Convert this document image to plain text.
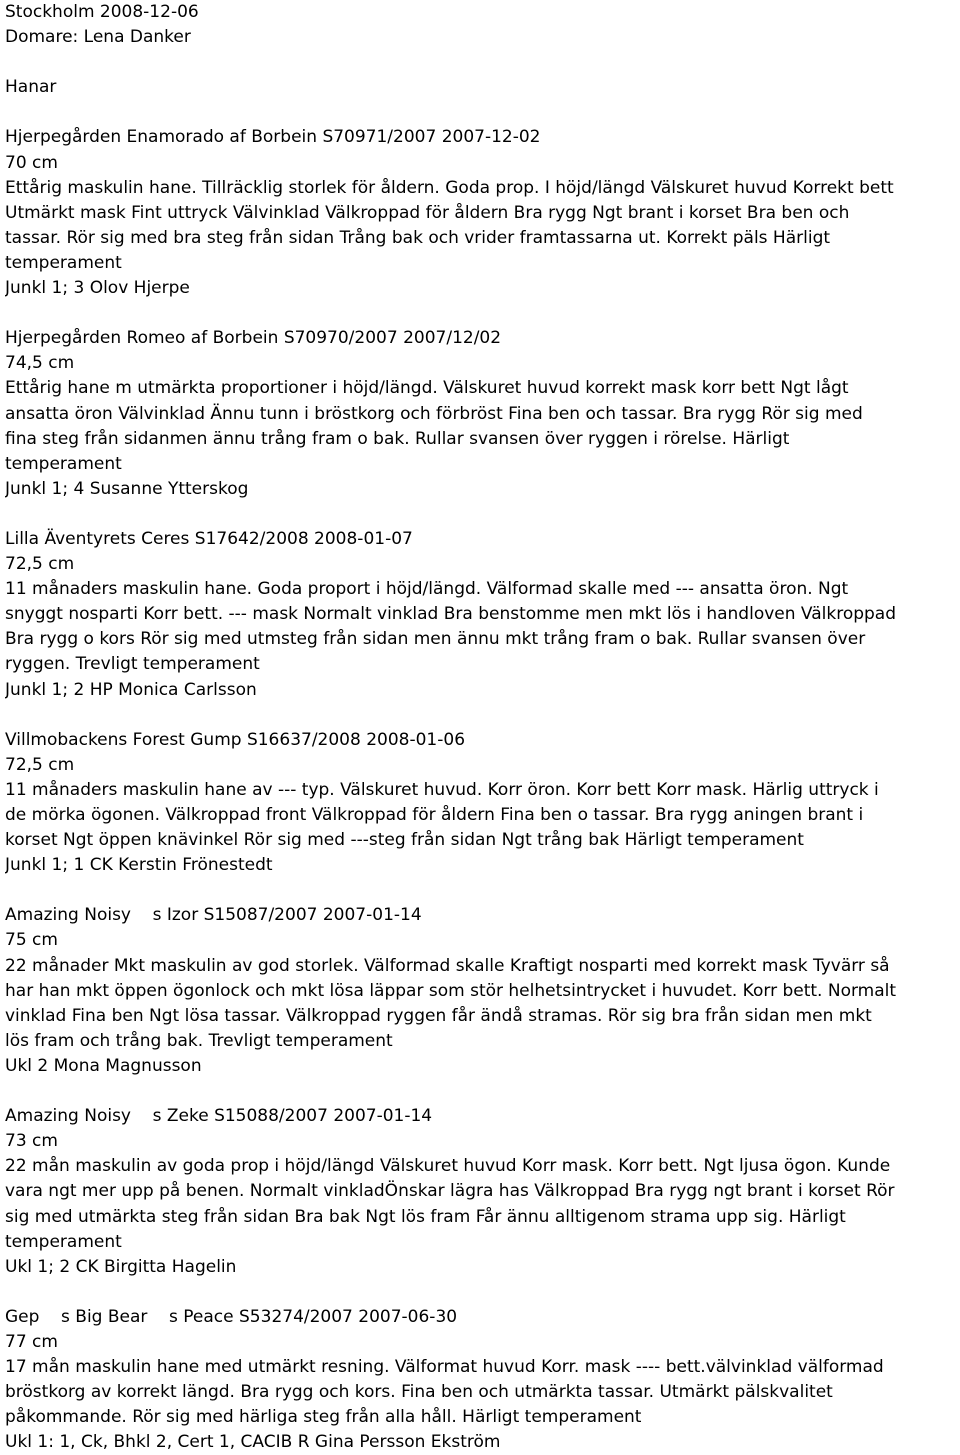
Stockholm 2008-12-06
Domare: Lena Danker
Hanar
Hjerpegården Enamorado af Borbein S70971/2007 2007-12-02
70 cm
Ettårig maskulin hane. Tillräcklig storlek för åldern. Goda prop. I höjd/längd Välskuret huvud Korrekt bett
Utmärkt mask Fint uttryck Välvinklad Välkroppad för åldern Bra rygg Ngt brant i korset Bra ben och
tassar. Rör sig med bra steg från sidan Trång bak och vrider framtassarna ut. Korrekt päls Härligt
temperament
Junkl 1; 3 Olov Hjerpe
Hjerpegården Romeo af Borbein S70970/2007 2007/12/02
74,5 cm
Ettårig hane m utmärkta proportioner i höjd/längd. Välskuret huvud korrekt mask korr bett Ngt lågt
ansatta öron Välvinklad Ännu tunn i bröstkorg och förbröst Fina ben och tassar. Bra rygg Rör sig med
fina steg från sidanmen ännu trång fram o bak. Rullar svansen över ryggen i rörelse. Härligt
temperament
Junkl 1; 4 Susanne Ytterskog
Lilla Äventyrets Ceres S17642/2008 2008-01-07
72,5 cm
11 månaders maskulin hane. Goda proport i höjd/längd. Välformad skalle med --- ansatta öron. Ngt
snyggt nosparti Korr bett. --- mask Normalt vinklad Bra benstomme men mkt lös i handloven Välkroppad
Bra rygg o kors Rör sig med utmsteg från sidan men ännu mkt trång fram o bak. Rullar svansen över
ryggen. Trevligt temperament
Junkl 1; 2 HP Monica Carlsson
Villmobackens Forest Gump S16637/2008 2008-01-06
72,5 cm
11 månaders maskulin hane av --- typ. Välskuret huvud. Korr öron. Korr bett Korr mask. Härlig uttryck i
de mörka ögonen. Välkroppad front Välkroppad för åldern Fina ben o tassar. Bra rygg aningen brant i
korset Ngt öppen knävinkel Rör sig med ---steg från sidan Ngt trång bak Härligt temperament
Junkl 1; 1 CK Kerstin Frönestedt
Amazing Noisy    s Izor S15087/2007 2007-01-14
75 cm
22 månader Mkt maskulin av god storlek. Välformad skalle Kraftigt nosparti med korrekt mask Tyvärr så
har han mkt öppen ögonlock och mkt lösa läppar som stör helhetsintrycket i huvudet. Korr bett. Normalt
vinklad Fina ben Ngt lösa tassar. Välkroppad ryggen får ändå stramas. Rör sig bra från sidan men mkt
lös fram och trång bak. Trevligt temperament
Ukl 2 Mona Magnusson
Amazing Noisy    s Zeke S15088/2007 2007-01-14
73 cm
22 mån maskulin av goda prop i höjd/längd Välskuret huvud Korr mask. Korr bett. Ngt ljusa ögon. Kunde
vara ngt mer upp på benen. Normalt vinkladÖnskar lägra has Välkroppad Bra rygg ngt brant i korset Rör
sig med utmärkta steg från sidan Bra bak Ngt lös fram Får ännu alltigenom strama upp sig. Härligt
temperament
Ukl 1; 2 CK Birgitta Hagelin
Gep    s Big Bear    s Peace S53274/2007 2007-06-30
77 cm
17 mån maskulin hane med utmärkt resning. Välformat huvud Korr. mask ---- bett.välvinklad välformad
bröstkorg av korrekt längd. Bra rygg och kors. Fina ben och utmärkta tassar. Utmärkt pälskvalitet
påkommande. Rör sig med härliga steg från alla håll. Härligt temperament
Ukl 1: 1, Ck, Bhkl 2, Cert 1, CACIB R Gina Persson Ekström
